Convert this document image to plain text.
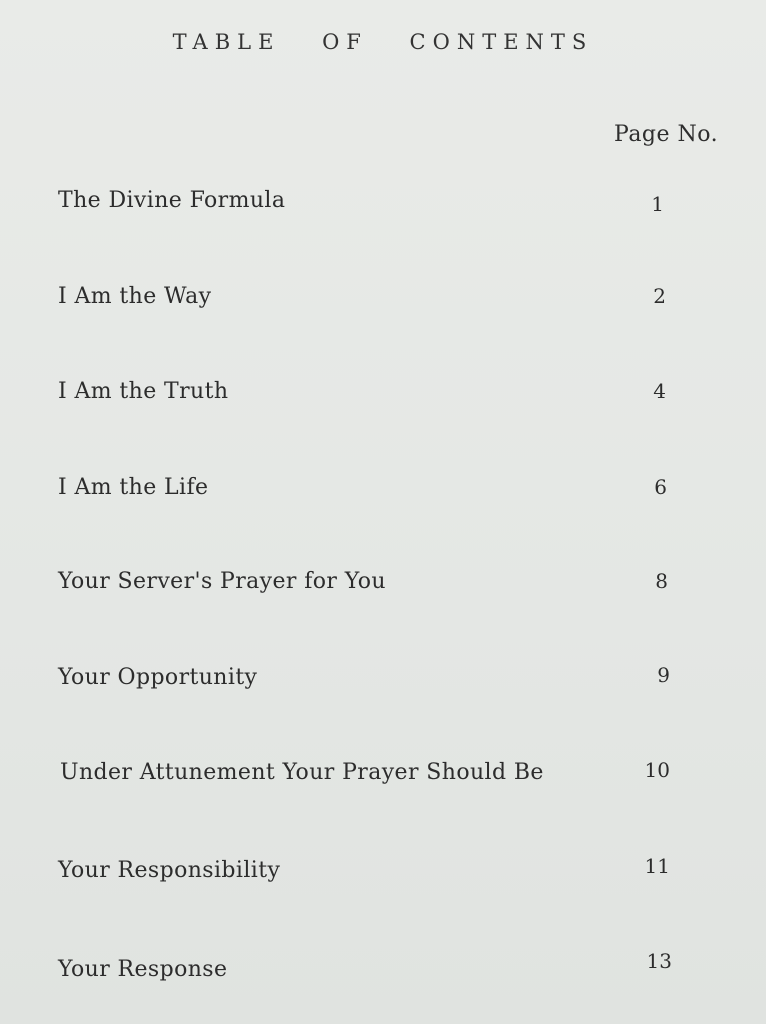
TABLE OF CONTENTS
Page No.
The Divine Formula	1
I Am the Way	2
I Am the Truth	4
I Am the Life	6
Your Server's Prayer for You	8
Your Opportunity	9
Under Attunement Your Prayer Should Be	10
Your Responsibility	11
Your Response	13
